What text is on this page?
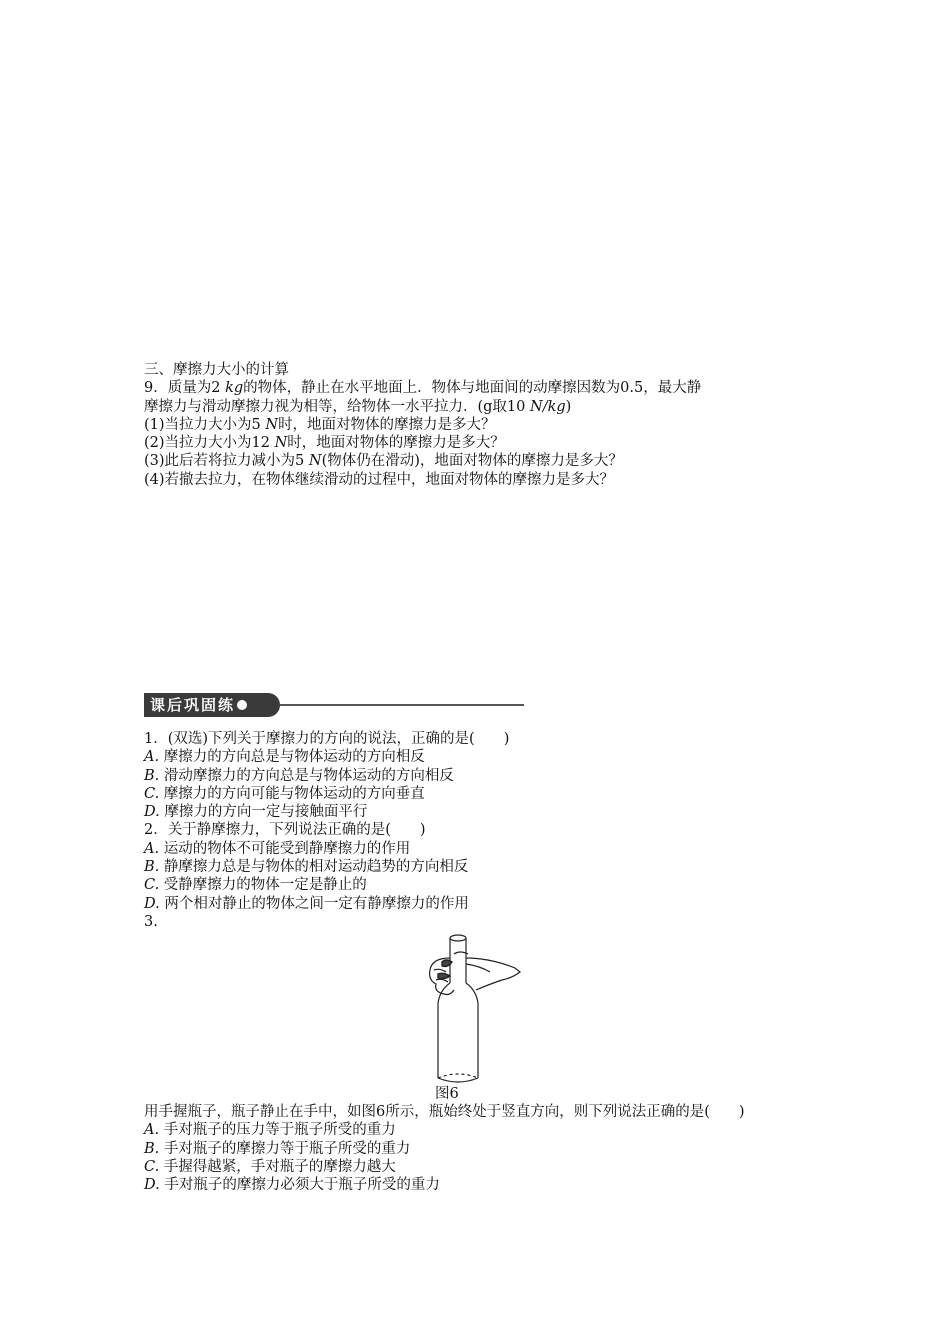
三、摩擦力大小的计算
9．质量为2 kg的物体，静止在水平地面上．物体与地面间的动摩擦因数为0.5，最大静
摩擦力与滑动摩擦力视为相等，给物体一水平拉力．(g取10 N/kg)
(1)当拉力大小为5 N时，地面对物体的摩擦力是多大？
(2)当拉力大小为12 N时，地面对物体的摩擦力是多大？
(3)此后若将拉力减小为5 N(物体仍在滑动)，地面对物体的摩擦力是多大？
(4)若撤去拉力，在物体继续滑动的过程中，地面对物体的摩擦力是多大？
课后巩固练
1．(双选)下列关于摩擦力的方向的说法，正确的是(　　)
A. 摩擦力的方向总是与物体运动的方向相反
B. 滑动摩擦力的方向总是与物体运动的方向相反
C. 摩擦力的方向可能与物体运动的方向垂直
D. 摩擦力的方向一定与接触面平行
2．关于静摩擦力，下列说法正确的是(　　)
A. 运动的物体不可能受到静摩擦力的作用
B. 静摩擦力总是与物体的相对运动趋势的方向相反
C. 受静摩擦力的物体一定是静止的
D. 两个相对静止的物体之间一定有静摩擦力的作用
3.
图6
用手握瓶子，瓶子静止在手中，如图6所示，瓶始终处于竖直方向，则下列说法正确的是(　　)
A. 手对瓶子的压力等于瓶子所受的重力
B. 手对瓶子的摩擦力等于瓶子所受的重力
C. 手握得越紧，手对瓶子的摩擦力越大
D. 手对瓶子的摩擦力必须大于瓶子所受的重力
